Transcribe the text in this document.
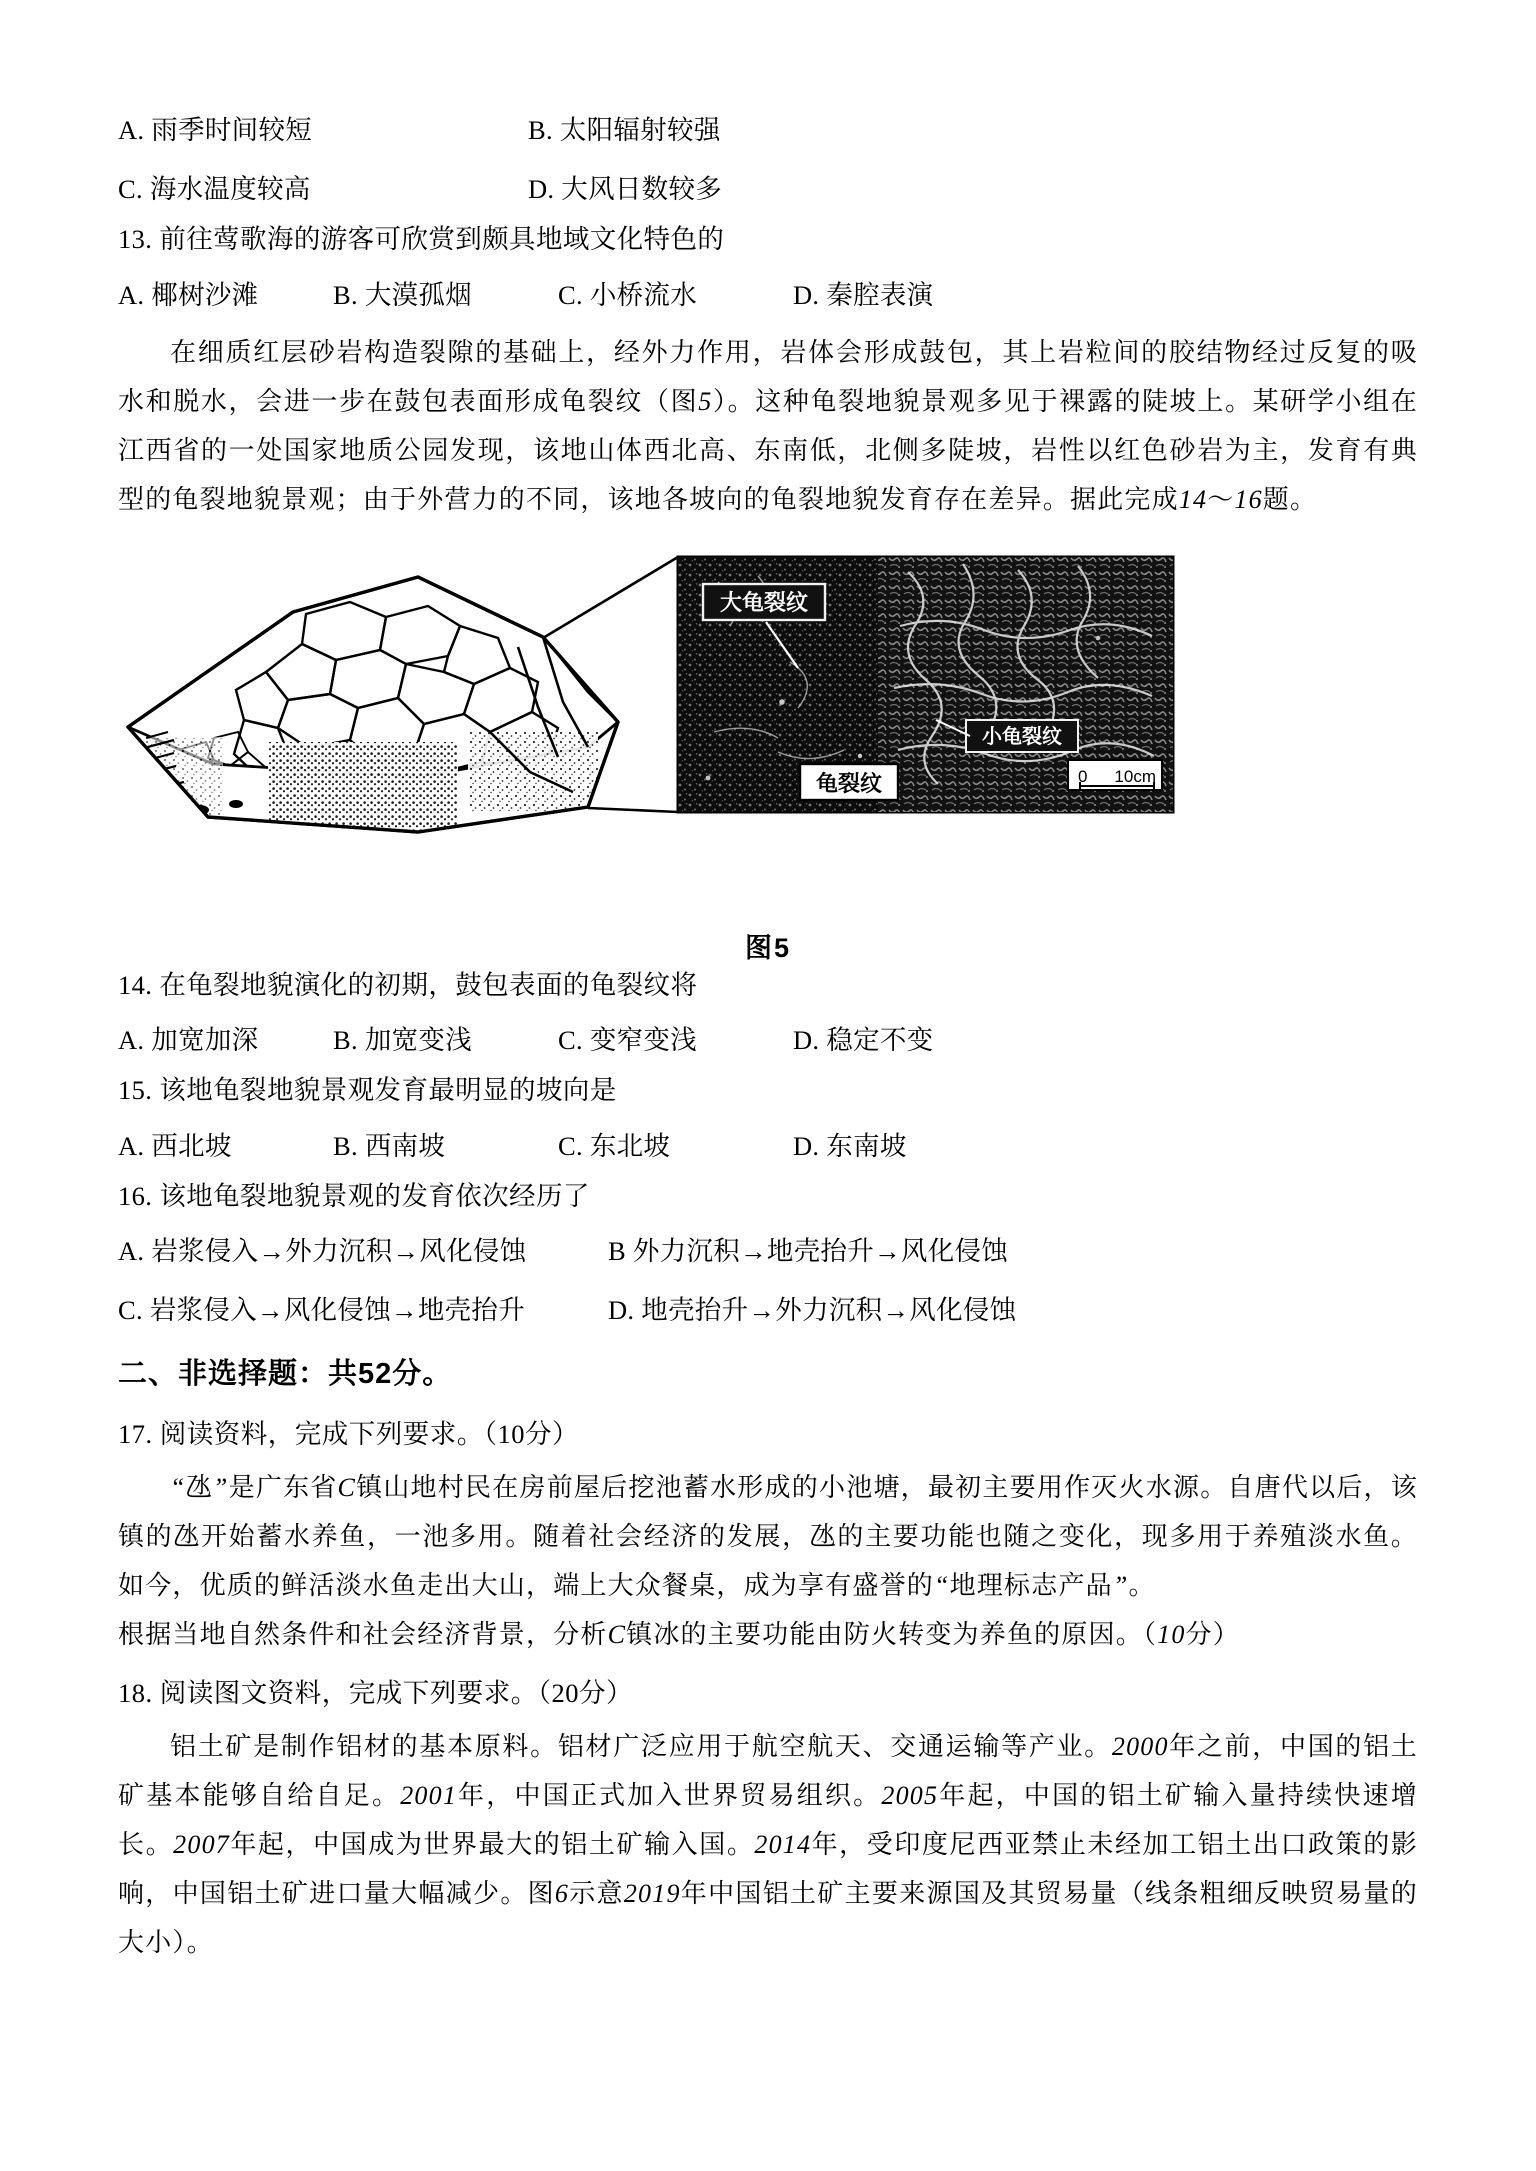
A. 雨季时间较短	B. 太阳辐射较强
C. 海水温度较高	D. 大风日数较多
13. 前往莺歌海的游客可欣赏到颇具地域文化特色的
A. 椰树沙滩	B. 大漠孤烟	C. 小桥流水	D. 秦腔表演
在细质红层砂岩构造裂隙的基础上，经外力作用，岩体会形成鼓包，其上岩粒间的胶结物经过反复的吸水和脱水，会进一步在鼓包表面形成龟裂纹（图5）。这种龟裂地貌景观多见于裸露的陡坡上。某研学小组在江西省的一处国家地质公园发现，该地山体西北高、东南低，北侧多陡坡，岩性以红色砂岩为主，发育有典型的龟裂地貌景观；由于外营力的不同，该地各坡向的龟裂地貌发育存在差异。据此完成14～16题。
大龟裂纹
小龟裂纹
龟裂纹	0 10cm
图5
14. 在龟裂地貌演化的初期，鼓包表面的龟裂纹将
A. 加宽加深	B. 加宽变浅	C. 变窄变浅	D. 稳定不变
15. 该地龟裂地貌景观发育最明显的坡向是
A. 西北坡	B. 西南坡	C. 东北坡	D. 东南坡
16. 该地龟裂地貌景观的发育依次经历了
A. 岩浆侵入→外力沉积→风化侵蚀	B 外力沉积→地壳抬升→风化侵蚀
C. 岩浆侵入→风化侵蚀→地壳抬升	D. 地壳抬升→外力沉积→风化侵蚀
二、非选择题：共52分。
17. 阅读资料，完成下列要求。（10分）
“氹”是广东省C镇山地村民在房前屋后挖池蓄水形成的小池塘，最初主要用作灭火水源。自唐代以后，该镇的氹开始蓄水养鱼，一池多用。随着社会经济的发展，氹的主要功能也随之变化，现多用于养殖淡水鱼。如今，优质的鲜活淡水鱼走出大山，端上大众餐桌，成为享有盛誉的“地理标志产品”。
根据当地自然条件和社会经济背景，分析C镇冰的主要功能由防火转变为养鱼的原因。（10分）
18. 阅读图文资料，完成下列要求。（20分）
铝土矿是制作铝材的基本原料。铝材广泛应用于航空航天、交通运输等产业。2000年之前，中国的铝土矿基本能够自给自足。2001年，中国正式加入世界贸易组织。2005年起，中国的铝土矿输入量持续快速增长。2007年起，中国成为世界最大的铝土矿输入国。2014年，受印度尼西亚禁止未经加工铝土出口政策的影响，中国铝土矿进口量大幅减少。图6示意2019年中国铝土矿主要来源国及其贸易量（线条粗细反映贸易量的大小）。
